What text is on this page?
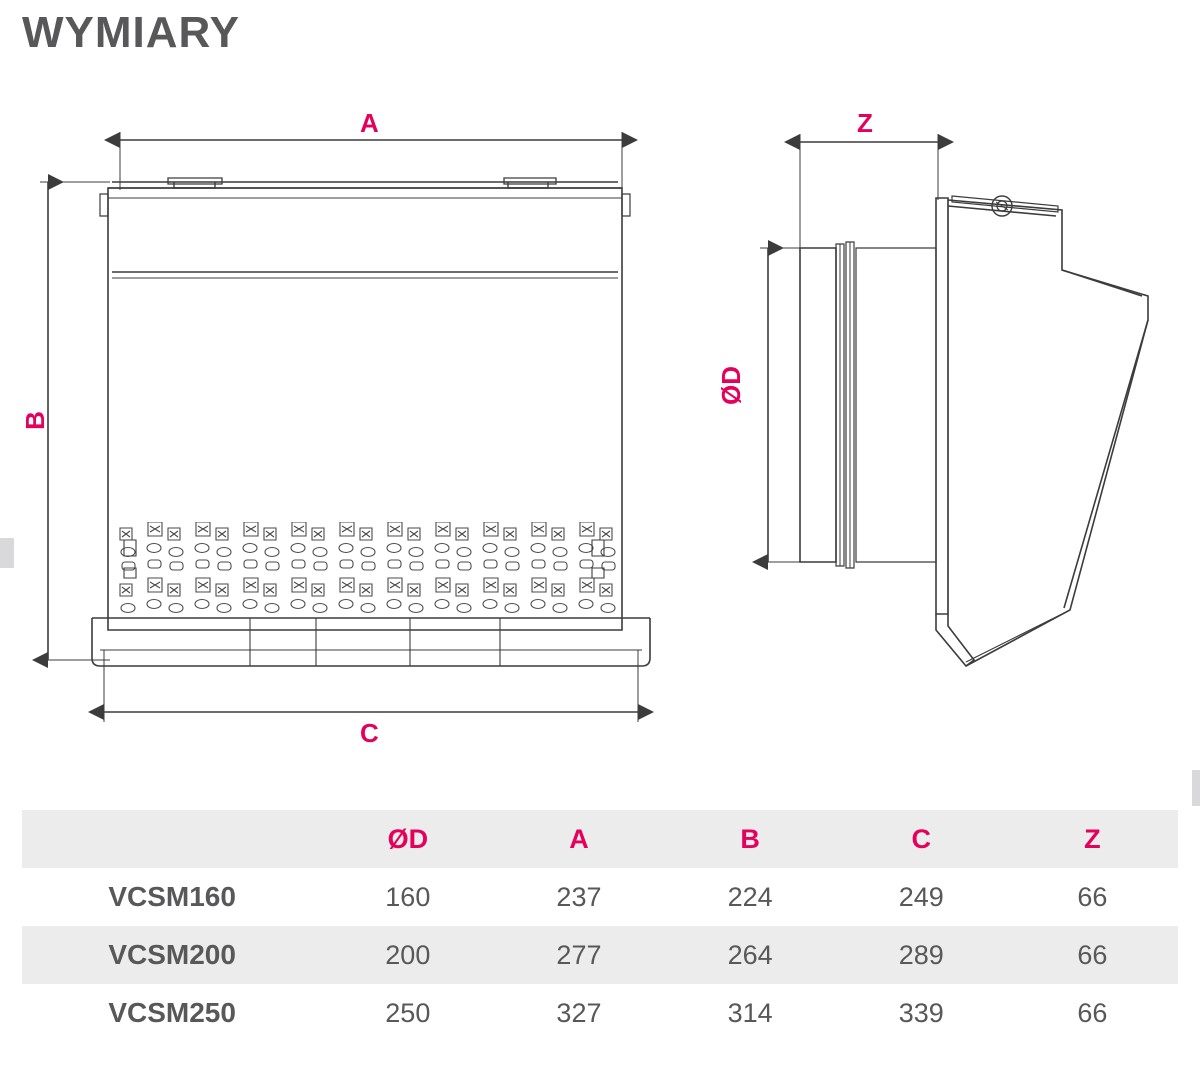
WYMIARY
A
B
C
Z
ØD
	ØD	A	B	C	Z
VCSM160	160	237	224	249	66
VCSM200	200	277	264	289	66
VCSM250	250	327	314	339	66
